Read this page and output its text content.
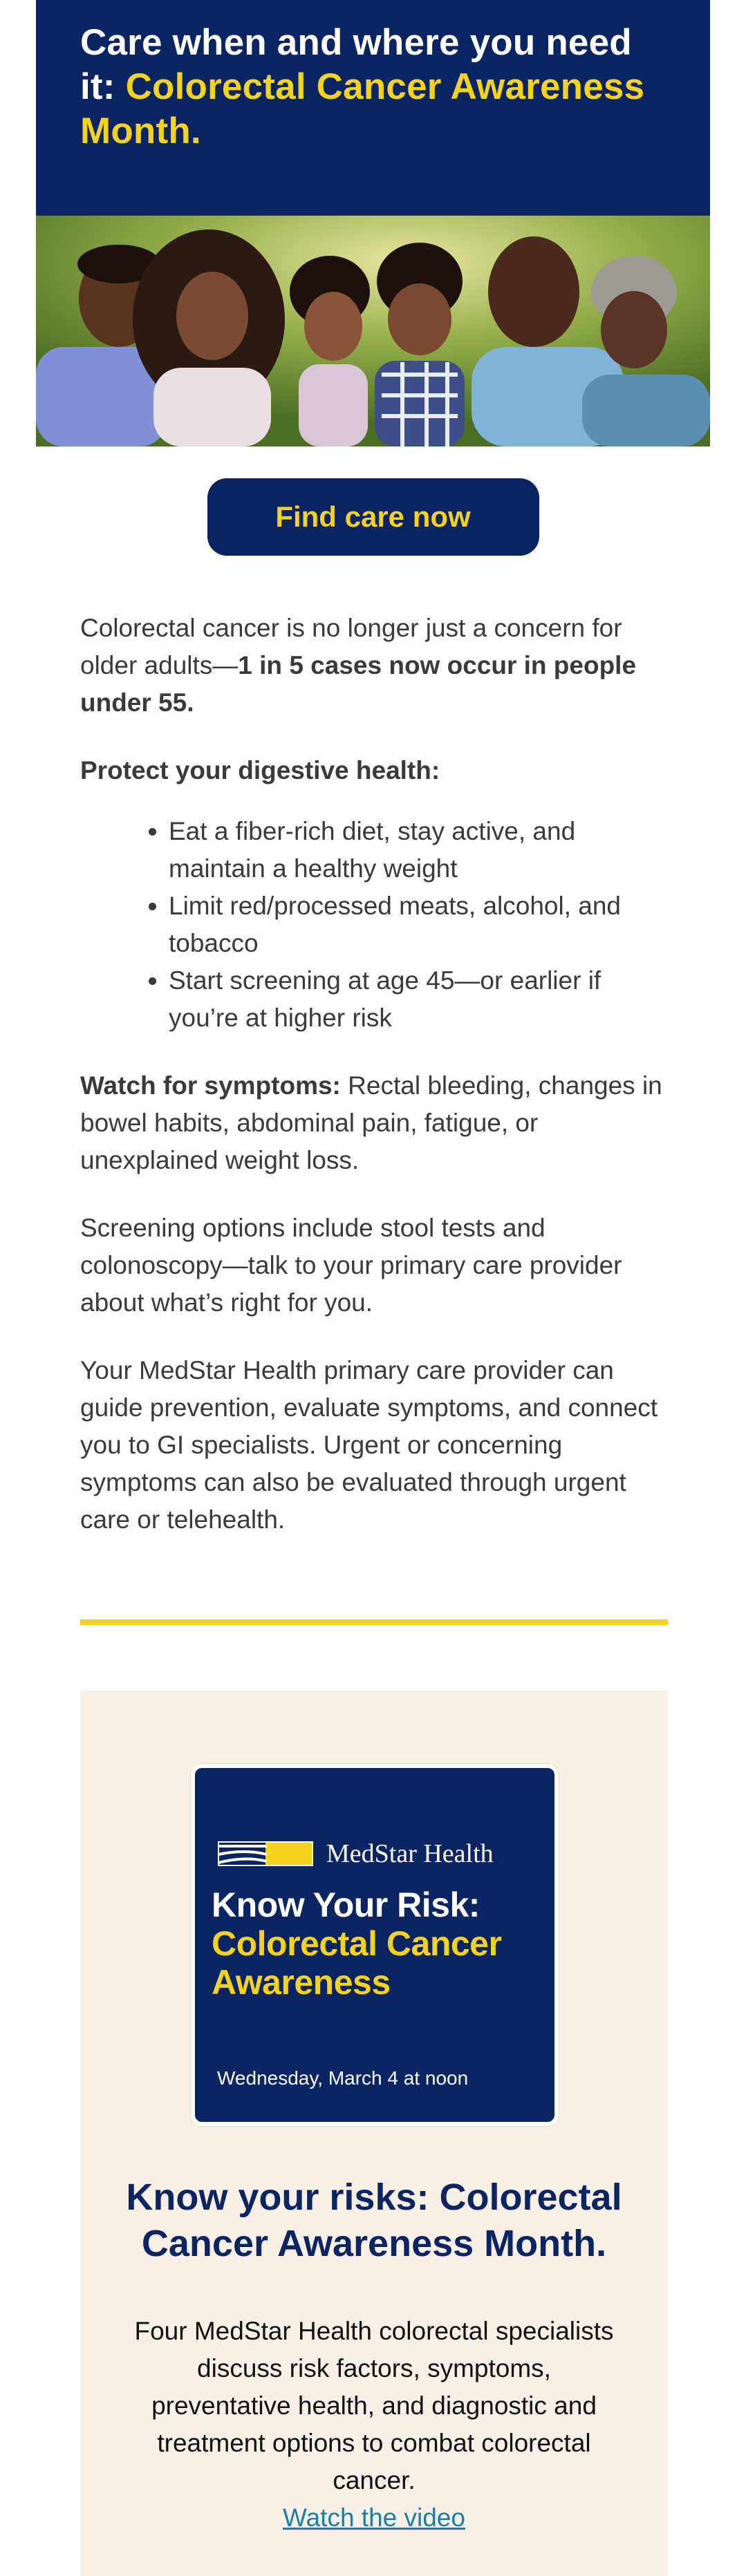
Care when and where you need it: Colorectal Cancer Awareness Month.
Find care now

Colorectal cancer is no longer just a concern for older adults—1 in 5 cases now occur in people under 55.

Protect your digestive health:

• Eat a fiber-rich diet, stay active, and maintain a healthy weight
• Limit red/processed meats, alcohol, and tobacco
• Start screening at age 45—or earlier if you’re at higher risk

Watch for symptoms: Rectal bleeding, changes in bowel habits, abdominal pain, fatigue, or unexplained weight loss.

Screening options include stool tests and colonoscopy—talk to your primary care provider about what’s right for you.

Your MedStar Health primary care provider can guide prevention, evaluate symptoms, and connect you to GI specialists. Urgent or concerning symptoms can also be evaluated through urgent care or telehealth.

MedStar Health
Know Your Risk:
Colorectal Cancer Awareness
Wednesday, March 4 at noon
Know your risks: Colorectal Cancer Awareness Month.
Four MedStar Health colorectal specialists discuss risk factors, symptoms, preventative health, and diagnostic and treatment options to combat colorectal cancer.
Watch the video
